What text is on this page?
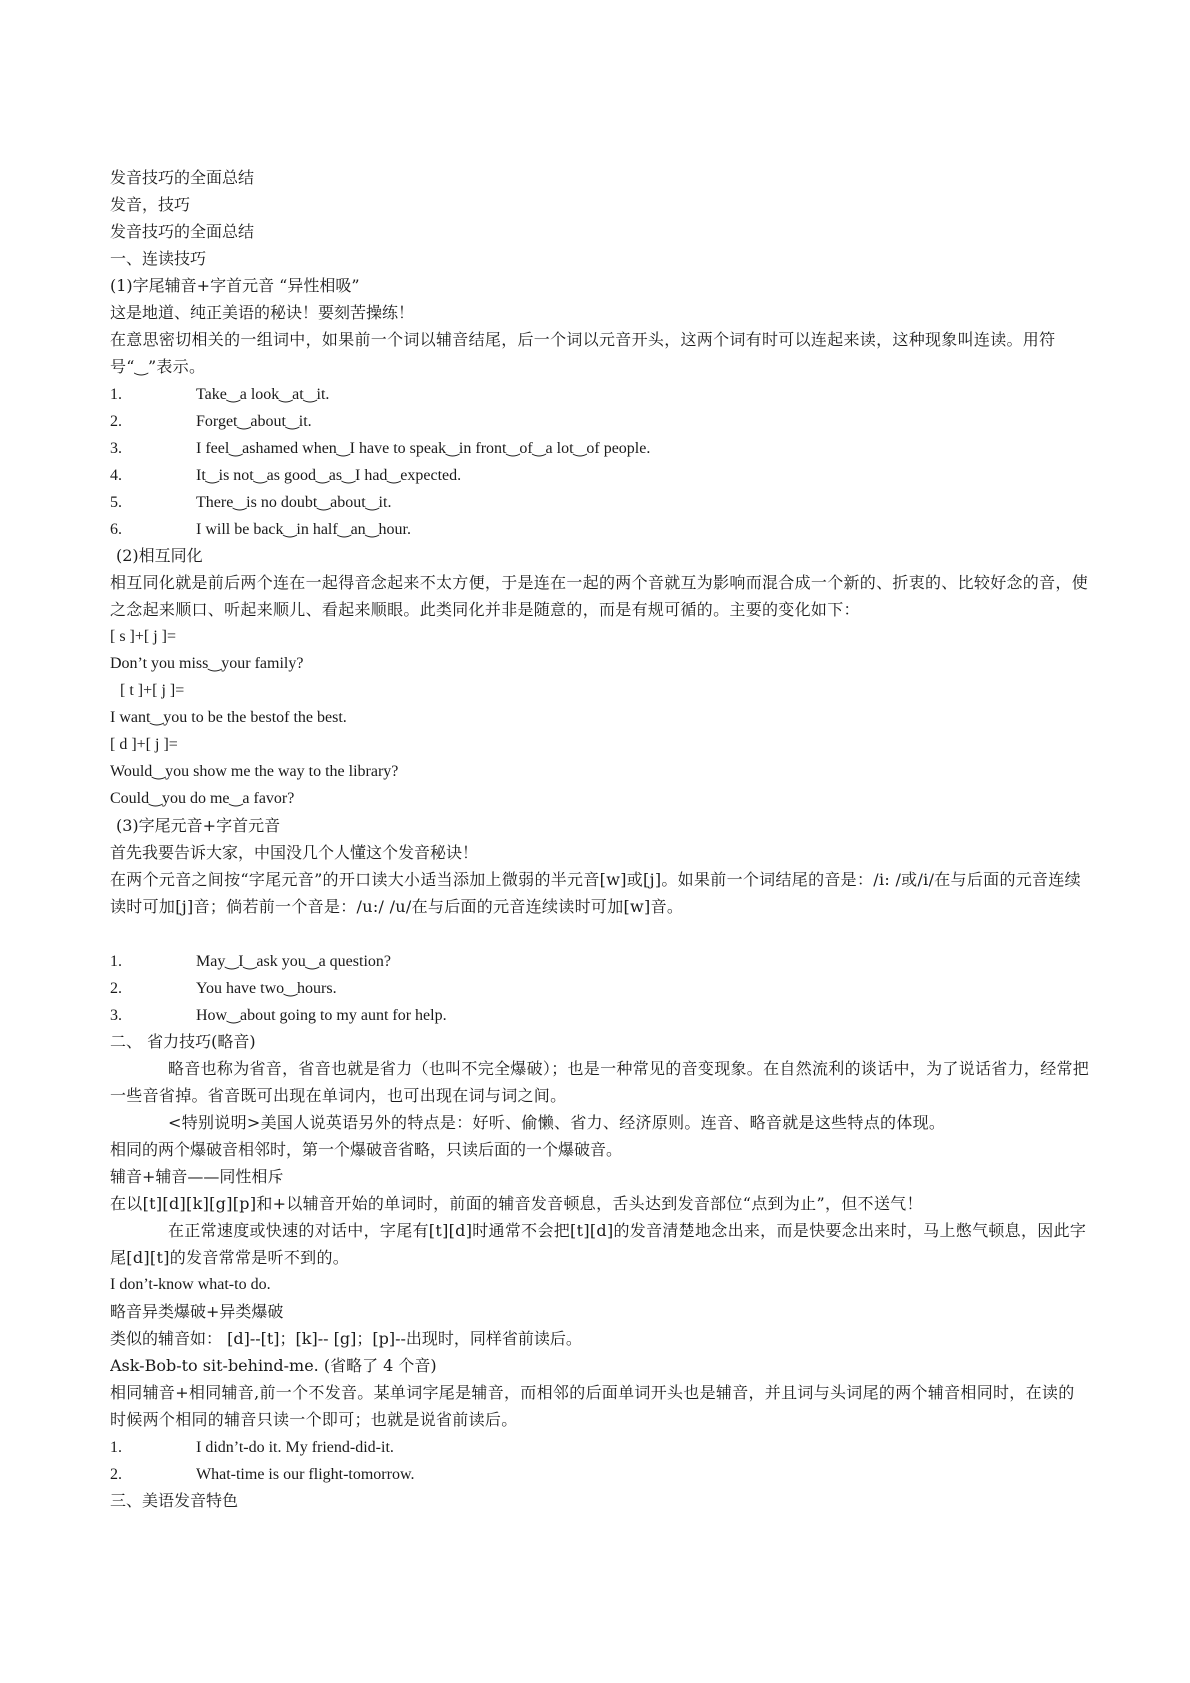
发音技巧的全面总结
发音，技巧
发音技巧的全面总结
一、连读技巧
(1)字尾辅音+字首元音 “异性相吸”
这是地道、纯正美语的秘诀！要刻苦操练！
在意思密切相关的一组词中，如果前一个词以辅音结尾，后一个词以元音开头，这两个词有时可以连起来读，这种现象叫连读。用符号“‿”表示。
1.	Take‿a look‿at‿it.
2.	Forget‿about‿it.
3.	I feel‿ashamed when‿I have to speak‿in front‿of‿a lot‿of people.
4.	It‿is not‿as good‿as‿I had‿expected.
5.	There‿is no doubt‿about‿it.
6.	I will be back‿in half‿an‿hour.
(2)相互同化
相互同化就是前后两个连在一起得音念起来不太方便，于是连在一起的两个音就互为影响而混合成一个新的、折衷的、比较好念的音，使之念起来顺口、听起来顺儿、看起来顺眼。此类同化并非是随意的，而是有规可循的。主要的变化如下：
[ s ]+[ j ]=
Don’t you miss‿your family?
[ t ]+[ j ]=
I want‿you to be the bestof the best.
[ d ]+[ j ]=
Would‿you show me the way to the library?
Could‿you do me‿a favor?
(3)字尾元音+字首元音
首先我要告诉大家，中国没几个人懂这个发音秘诀！
在两个元音之间按“字尾元音”的开口读大小适当添加上微弱的半元音[w]或[j]。如果前一个词结尾的音是：/i: /或/i/在与后面的元音连续读时可加[j]音；倘若前一个音是：/u:/ /u/在与后面的元音连续读时可加[w]音。
1.	May‿I‿ask you‿a question?
2.	You have two‿hours.
3.	How‿about going to my aunt for help.
二、 省力技巧(略音)
略音也称为省音，省音也就是省力（也叫不完全爆破）；也是一种常见的音变现象。在自然流利的谈话中，为了说话省力，经常把一些音省掉。省音既可出现在单词内，也可出现在词与词之间。
<特别说明>美国人说英语另外的特点是：好听、偷懒、省力、经济原则。连音、略音就是这些特点的体现。
相同的两个爆破音相邻时，第一个爆破音省略，只读后面的一个爆破音。
辅音+辅音——同性相斥
在以[t][d][k][g][p]和+以辅音开始的单词时，前面的辅音发音顿息，舌头达到发音部位“点到为止”，但不送气！
在正常速度或快速的对话中，字尾有[t][d]时通常不会把[t][d]的发音清楚地念出来，而是快要念出来时，马上憋气顿息，因此字尾[d][t]的发音常常是听不到的。
I don’t-know what-to do.
略音异类爆破+异类爆破
类似的辅音如： [d]--[t]；[k]-- [g]；[p]--出现时，同样省前读后。
Ask-Bob-to sit-behind-me. (省略了 4 个音)
相同辅音+相同辅音,前一个不发音。某单词字尾是辅音，而相邻的后面单词开头也是辅音，并且词与头词尾的两个辅音相同时，在读的时候两个相同的辅音只读一个即可；也就是说省前读后。
1.	I didn’t-do it. My friend-did-it.
2.	What-time is our flight-tomorrow.
三、美语发音特色
